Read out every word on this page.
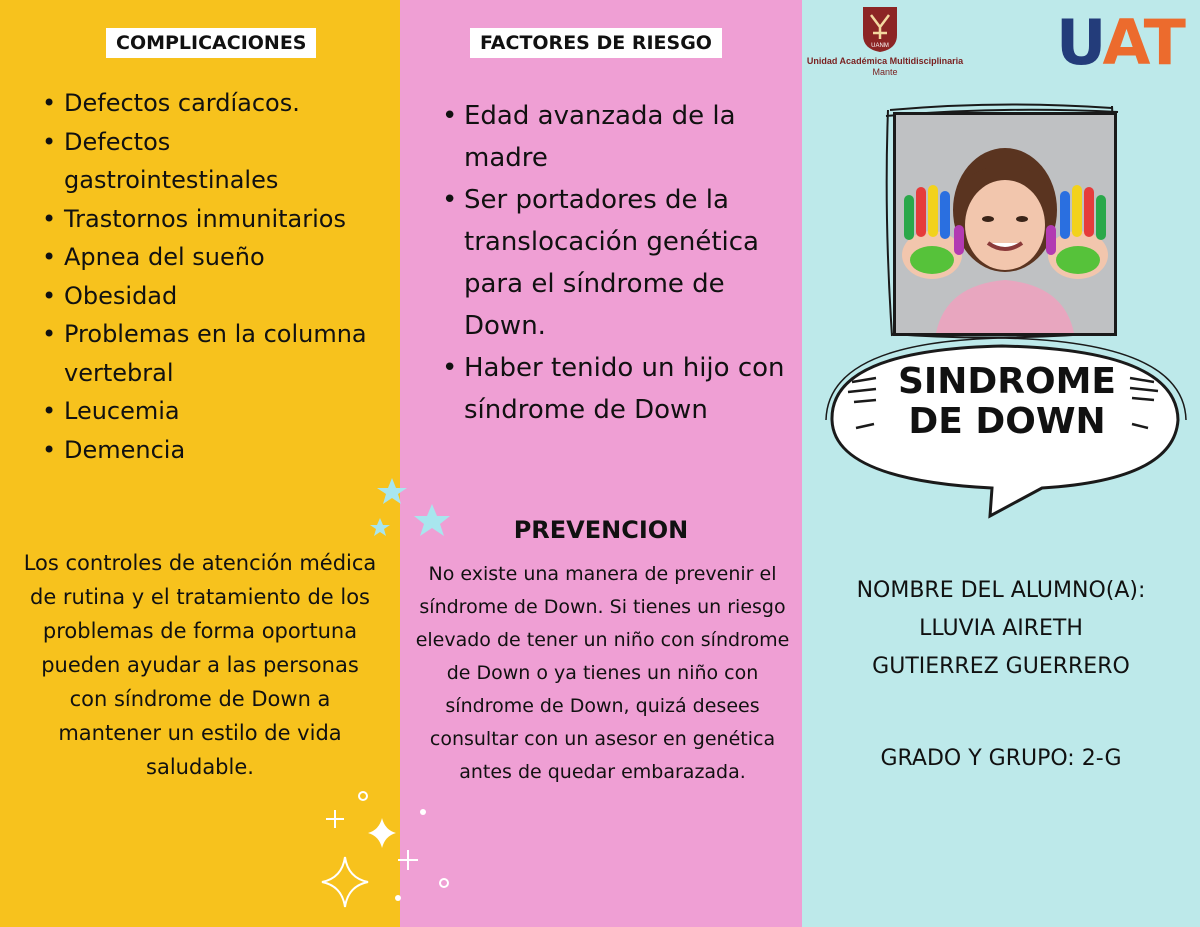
COMPLICACIONES
• Defectos cardíacos.
• Defectos gastrointestinales
• Trastornos inmunitarios
• Apnea del sueño
• Obesidad
• Problemas en la columna vertebral
• Leucemia
• Demencia
Los controles de atención médica de rutina y el tratamiento de los problemas de forma oportuna pueden ayudar a las personas con síndrome de Down a mantener un estilo de vida saludable.
FACTORES DE RIESGO
• Edad avanzada de la madre
• Ser portadores de la translocación genética para el síndrome de Down.
• Haber tenido un hijo con síndrome de Down
PREVENCION
No existe una manera de prevenir el síndrome de Down. Si tienes un riesgo elevado de tener un niño con síndrome de Down o ya tienes un niño con síndrome de Down, quizá desees consultar con un asesor en genética antes de quedar embarazada.
UANM
Unidad Académica Multidisciplinaria
Mante	UAT
SINDROME
DE DOWN
NOMBRE DEL ALUMNO(A):
LLUVIA AIRETH
GUTIERREZ GUERRERO
GRADO Y GRUPO: 2-G
